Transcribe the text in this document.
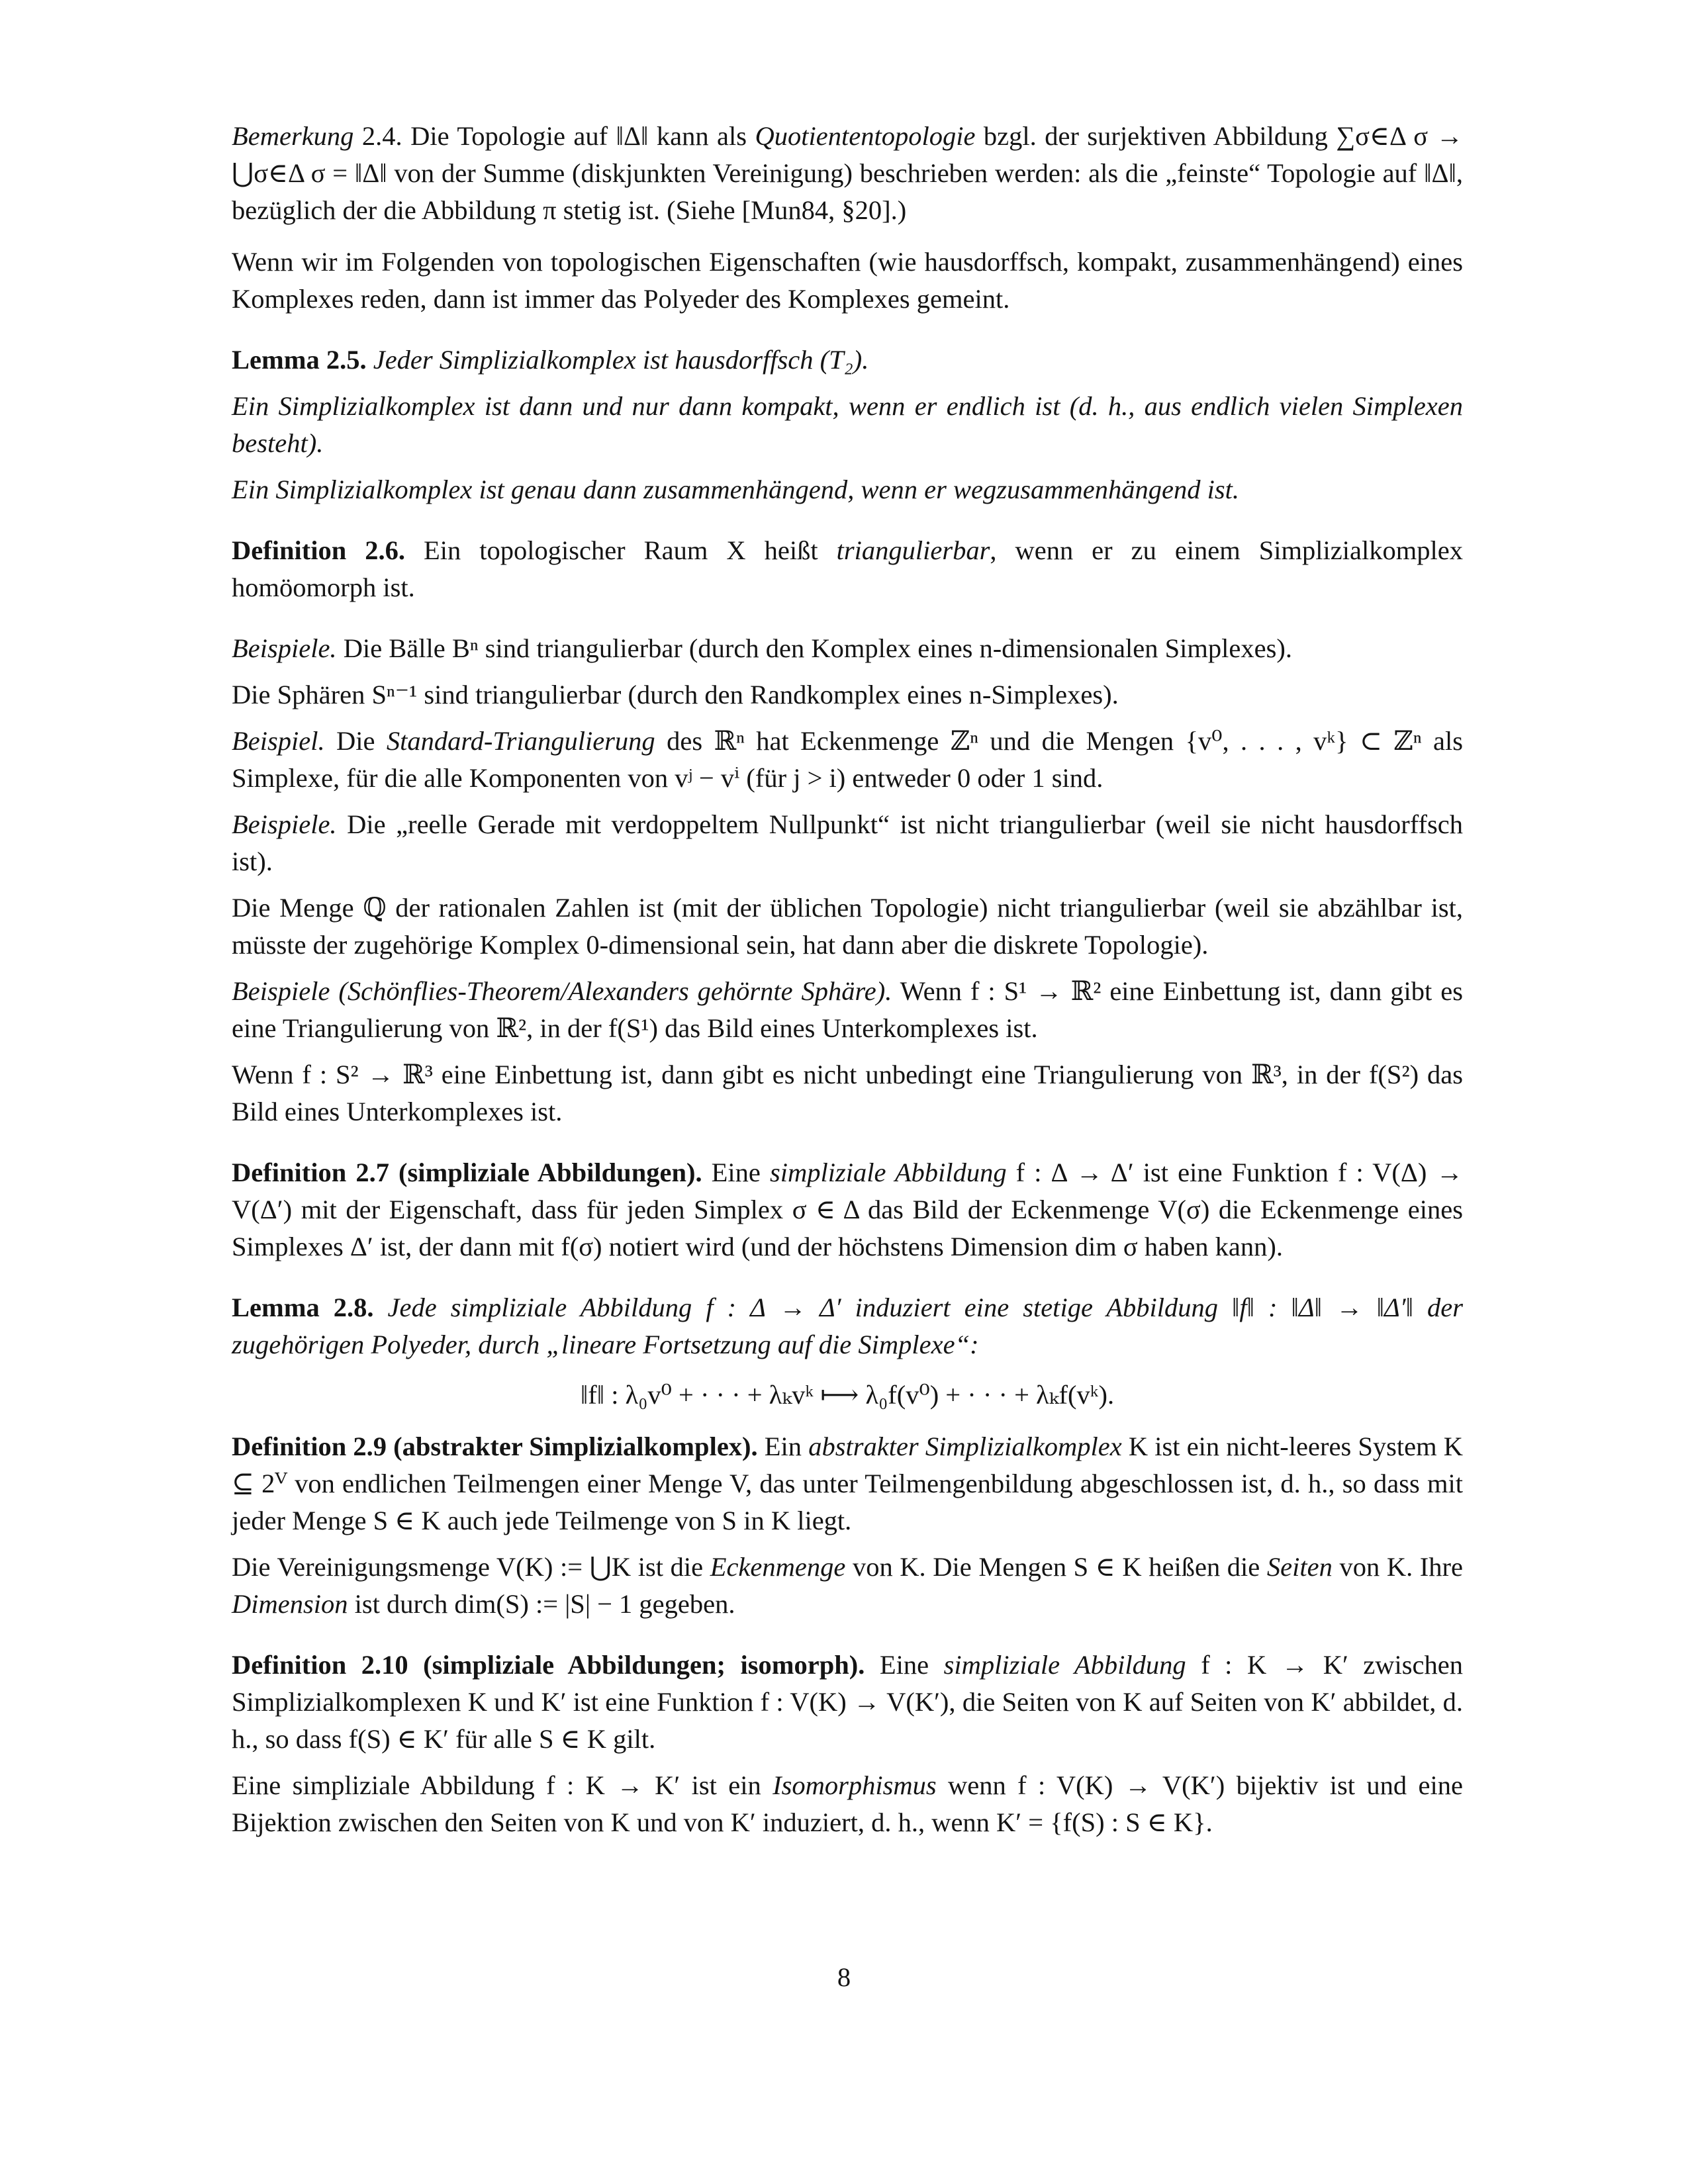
Bemerkung 2.4. Die Topologie auf ‖Δ‖ kann als Quotiententopologie bzgl. der surjektiven Abbildung ∑σ∈Δ σ → ⋃σ∈Δ σ = ‖Δ‖ von der Summe (diskjunkten Vereinigung) beschrieben werden: als die „feinste“ Topologie auf ‖Δ‖, bezüglich der die Abbildung π stetig ist. (Siehe [Mun84, §20].)

Wenn wir im Folgenden von topologischen Eigenschaften (wie hausdorffsch, kompakt, zusammenhängend) eines Komplexes reden, dann ist immer das Polyeder des Komplexes gemeint.

Lemma 2.5. Jeder Simplizialkomplex ist hausdorffsch (T₂).

Ein Simplizialkomplex ist dann und nur dann kompakt, wenn er endlich ist (d. h., aus endlich vielen Simplexen besteht).

Ein Simplizialkomplex ist genau dann zusammenhängend, wenn er wegzusammenhängend ist.

Definition 2.6. Ein topologischer Raum X heißt triangulierbar, wenn er zu einem Simplizialkomplex homöomorph ist.

Beispiele. Die Bälle Bⁿ sind triangulierbar (durch den Komplex eines n-dimensionalen Simplexes).

Die Sphären Sⁿ⁻¹ sind triangulierbar (durch den Randkomplex eines n-Simplexes).

Beispiel. Die Standard-Triangulierung des ℝⁿ hat Eckenmenge ℤⁿ und die Mengen {v⁰, . . . , vᵏ} ⊂ ℤⁿ als Simplexe, für die alle Komponenten von vʲ − vⁱ (für j > i) entweder 0 oder 1 sind.

Beispiele. Die „reelle Gerade mit verdoppeltem Nullpunkt“ ist nicht triangulierbar (weil sie nicht hausdorffsch ist).

Die Menge ℚ der rationalen Zahlen ist (mit der üblichen Topologie) nicht triangulierbar (weil sie abzählbar ist, müsste der zugehörige Komplex 0-dimensional sein, hat dann aber die diskrete Topologie).

Beispiele (Schönflies-Theorem/Alexanders gehörnte Sphäre). Wenn f : S¹ → ℝ² eine Einbettung ist, dann gibt es eine Triangulierung von ℝ², in der f(S¹) das Bild eines Unterkomplexes ist.

Wenn f : S² → ℝ³ eine Einbettung ist, dann gibt es nicht unbedingt eine Triangulierung von ℝ³, in der f(S²) das Bild eines Unterkomplexes ist.

Definition 2.7 (simpliziale Abbildungen). Eine simpliziale Abbildung f : Δ → Δ′ ist eine Funktion f : V(Δ) → V(Δ′) mit der Eigenschaft, dass für jeden Simplex σ ∈ Δ das Bild der Eckenmenge V(σ) die Eckenmenge eines Simplexes Δ′ ist, der dann mit f(σ) notiert wird (und der höchstens Dimension dim σ haben kann).

Lemma 2.8. Jede simpliziale Abbildung f : Δ → Δ′ induziert eine stetige Abbildung ‖f‖ : ‖Δ‖ → ‖Δ′‖ der zugehörigen Polyeder, durch „lineare Fortsetzung auf die Simplexe“:

‖f‖ : λ₀v⁰ + · · · + λₖvᵏ ⟼ λ₀f(v⁰) + · · · + λₖf(vᵏ).

Definition 2.9 (abstrakter Simplizialkomplex). Ein abstrakter Simplizialkomplex K ist ein nicht-leeres System K ⊆ 2ⱽ von endlichen Teilmengen einer Menge V, das unter Teilmengenbildung abgeschlossen ist, d. h., so dass mit jeder Menge S ∈ K auch jede Teilmenge von S in K liegt.

Die Vereinigungsmenge V(K) := ⋃K ist die Eckenmenge von K. Die Mengen S ∈ K heißen die Seiten von K. Ihre Dimension ist durch dim(S) := |S| − 1 gegeben.

Definition 2.10 (simpliziale Abbildungen; isomorph). Eine simpliziale Abbildung f : K → K′ zwischen Simplizialkomplexen K und K′ ist eine Funktion f : V(K) → V(K′), die Seiten von K auf Seiten von K′ abbildet, d. h., so dass f(S) ∈ K′ für alle S ∈ K gilt.

Eine simpliziale Abbildung f : K → K′ ist ein Isomorphismus wenn f : V(K) → V(K′) bijektiv ist und eine Bijektion zwischen den Seiten von K und von K′ induziert, d. h., wenn K′ = {f(S) : S ∈ K}.

8
